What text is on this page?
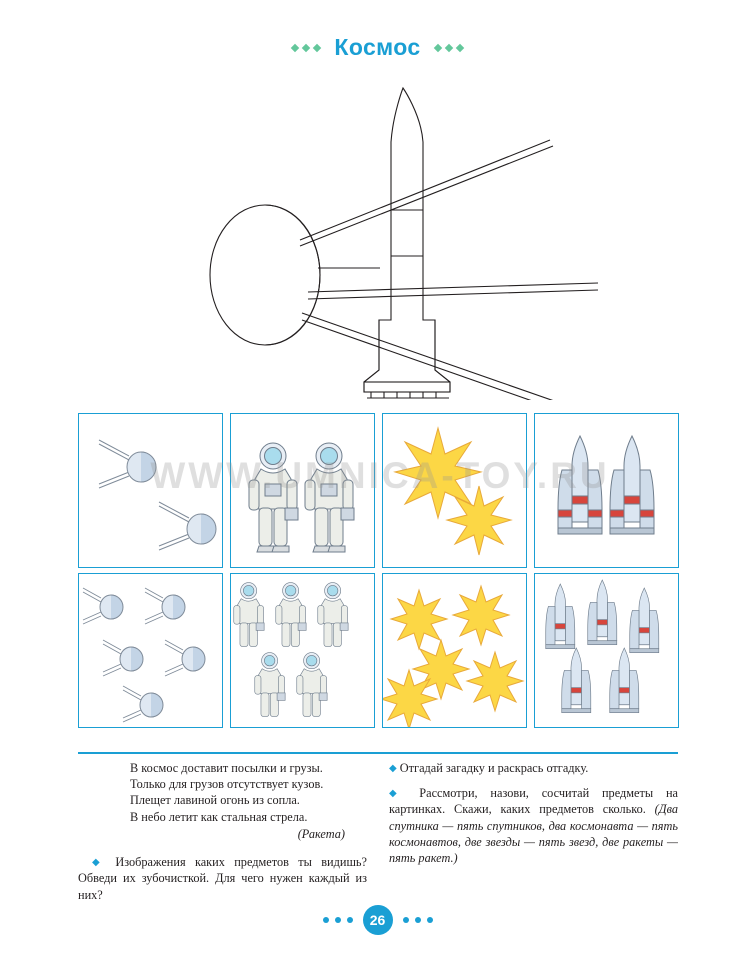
Космос
WWW.UMNICA-TOY.RU

В космос доставит посылки и грузы.

Только для грузов отсутствует кузов.

Плещет лавиной огонь из сопла.

В небо летит как стальная стрела.

(Ракета)

◆ Изображения каких предметов ты видишь? Обведи их зубочисткой. Для чего нужен каждый из них?

◆ Отгадай загадку и раскрась отгадку.

◆ Рассмотри, назови, сосчитай предметы на картинках. Скажи, каких предметов сколько. (Два спутника — пять спутников, два космонавта — пять космонавтов, две звезды — пять звезд, две ракеты — пять ракет.)

26
